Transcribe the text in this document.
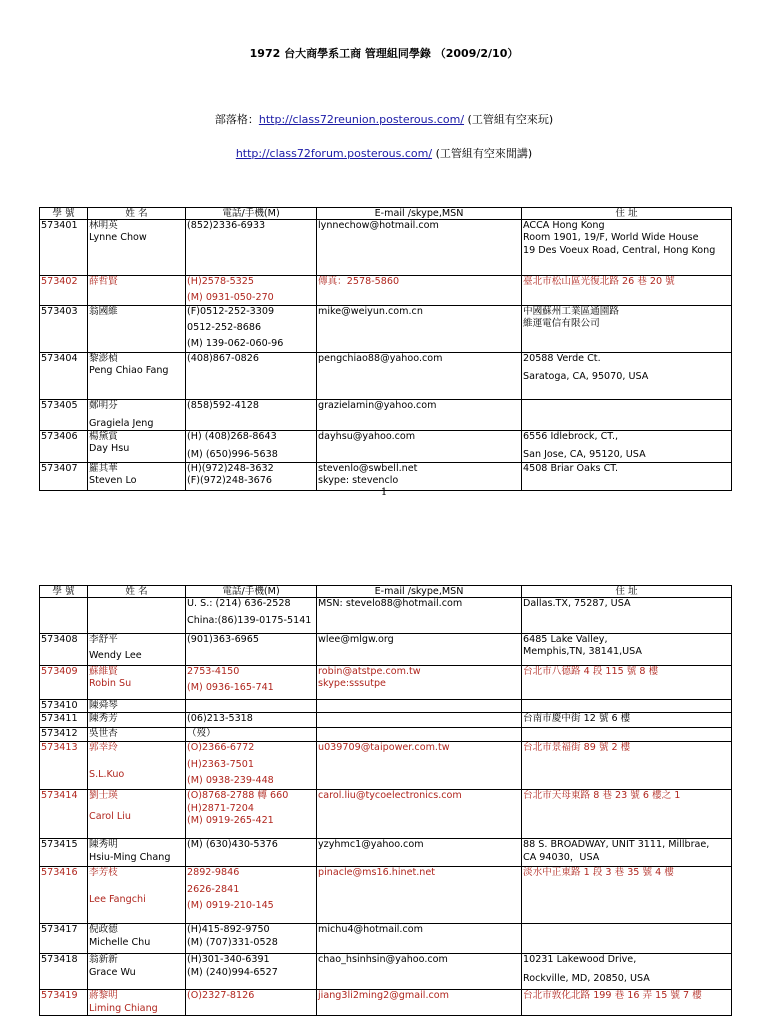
1972 台大商學系工商 管理組同學錄 （2009/2/10）
部落格：http://class72reunion.posterous.com/ (工管組有空來玩)
http://class72forum.posterous.com/ (工管組有空來閒講)
學 號	姓 名	電話/手機(M)	E-mail /skype,MSN	住 址

573401	林明英
Lynne Chow	(852)2336-6933	lynnechow@hotmail.com	ACCA Hong Kong
Room 1901, 19/F, World Wide House
19 Des Voeux Road, Central, Hong Kong

573402	薛哲賢	(H)2578-5325
(M) 0931-050-270	傳真：2578-5860	臺北市松山區光復北路 26 巷 20 號

573403	翁國維	(F)0512-252-3309
0512-252-8686
(M) 139-062-060-96	mike@weiyun.com.cn	中國蘇州工業區通園路
維運電信有限公司

573404	黎澎楨
Peng Chiao Fang	(408)867-0826	pengchiao88@yahoo.com	20588 Verde Ct.
Saratoga, CA, 95070, USA

573405	鄭明芬
Gragiela Jeng	(858)592-4128	grazielamin@yahoo.com	

573406	楊黛賞
Day Hsu	(H) (408)268-8643
(M) (650)996-5638	dayhsu@yahoo.com	6556 Idlebrock, CT.,
San Jose, CA, 95120, USA

573407	羅其華
Steven Lo	(H)(972)248-3632
(F)(972)248-3676	stevenlo@swbell.net
skype: stevenclo	4508 Briar Oaks CT.
1
學 號	姓 名	電話/手機(M)	E-mail /skype,MSN	住 址

		U. S.: (214) 636-2528
China:(86)139-0175-5141	MSN: stevelo88@hotmail.com	Dallas.TX, 75287, USA

573408	李舒平
Wendy Lee	(901)363-6965	wlee@mlgw.org	6485 Lake Valley,
Memphis,TN, 38141,USA

573409	蘇維賢
Robin Su	2753-4150
(M) 0936-165-741	robin@atstpe.com.tw
skype:sssutpe	台北市八德路 4 段 115 號 8 樓

573410	陳舜琴			

573411	陳秀芳	(06)213-5318		台南市慶中街 12 號 6 樓

573412	吳世杏	（歿）		

573413	郭幸玲
S.L.Kuo	(O)2366-6772
(H)2363-7501
(M) 0938-239-448	u039709@taipower.com.tw	台北市景福街 89 號 2 樓

573414	劉士瑛
Carol Liu	(O)8768-2788 轉 660
(H)2871-7204
(M) 0919-265-421	carol.liu@tycoelectronics.com	台北市天母東路 8 巷 23 號 6 樓之 1

573415	陳秀明
Hsiu-Ming Chang	(M) (630)430-5376	yzyhmc1@yahoo.com	88 S. BROADWAY, UNIT 3111, Millbrae,
CA 94030，USA

573416	李芳枝
Lee Fangchi	2892-9846
2626-2841
(M) 0919-210-145	pinacle@ms16.hinet.net	淡水中正東路 1 段 3 巷 35 號 4 樓

573417	倪政德
Michelle Chu	(H)415-892-9750
(M) (707)331-0528	michu4@hotmail.com	

573418	翁新新
Grace Wu	(H)301-340-6391
(M) (240)994-6527	chao_hsinhsin@yahoo.com	10231 Lakewood Drive,
Rockville, MD, 20850, USA

573419	蔣黎明
Liming Chiang	(O)2327-8126	jiang3li2ming2@gmail.com	台北市敦化北路 199 巷 16 弄 15 號 7 樓
